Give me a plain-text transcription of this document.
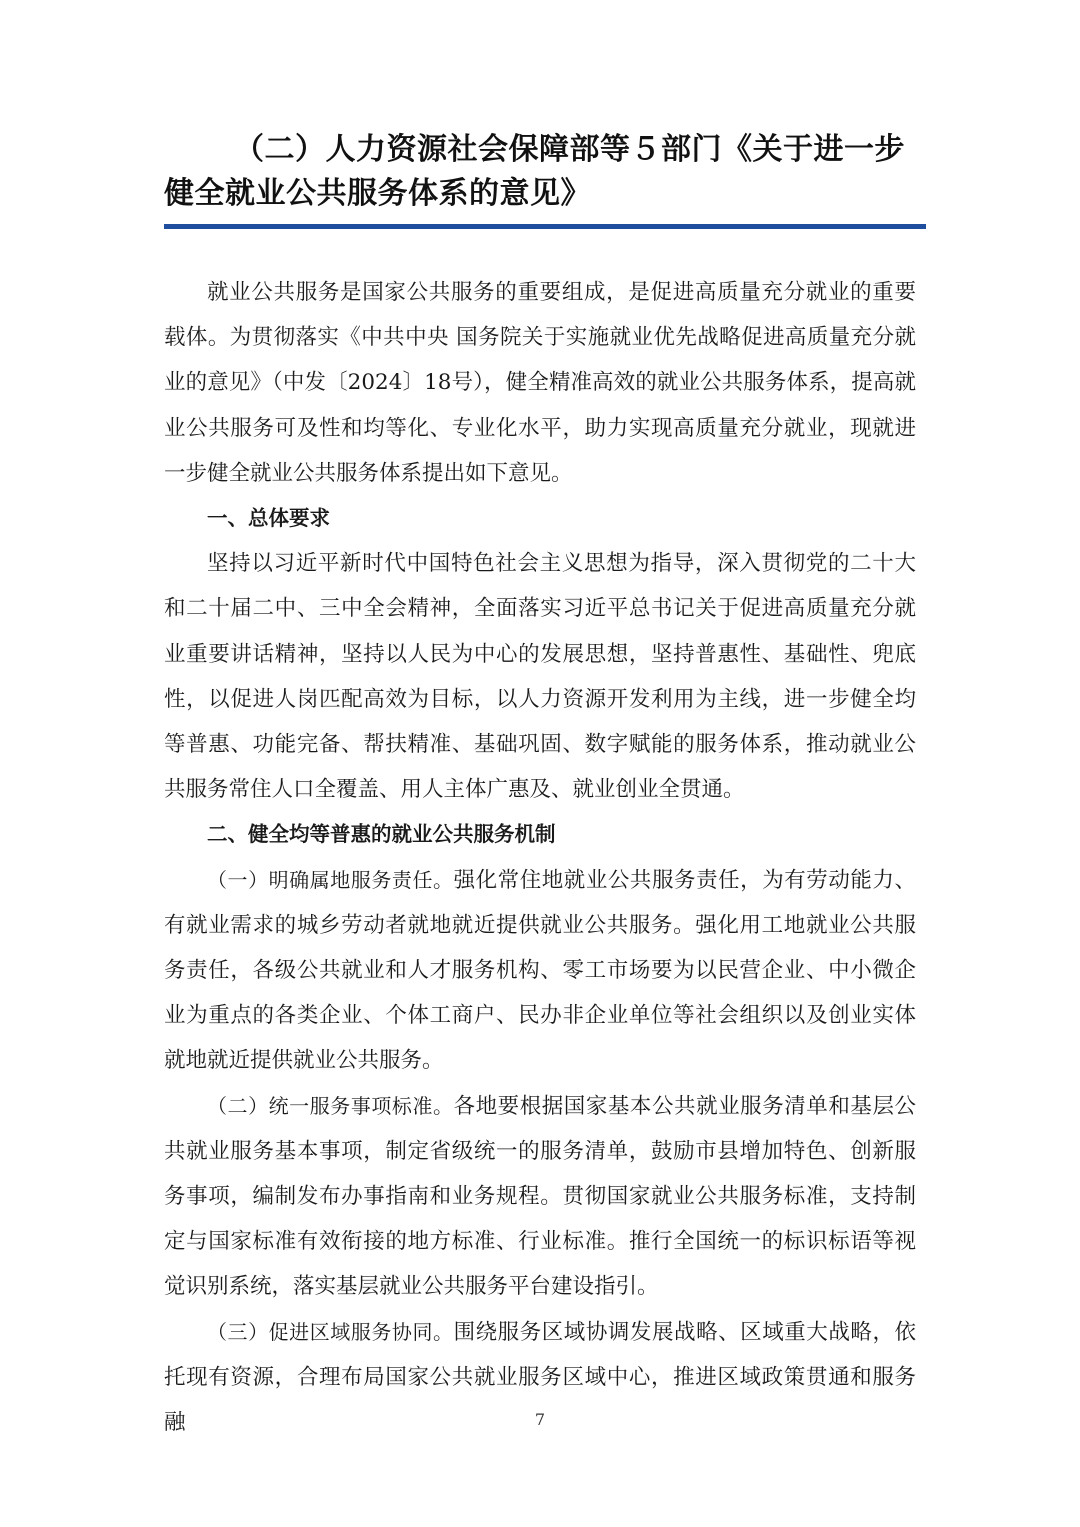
（二）人力资源社会保障部等５部门《关于进一步健全就业公共服务体系的意见》

就业公共服务是国家公共服务的重要组成，是促进高质量充分就业的重要载体。为贯彻落实《中共中央 国务院关于实施就业优先战略促进高质量充分就业的意见》（中发〔2024〕18号），健全精准高效的就业公共服务体系，提高就业公共服务可及性和均等化、专业化水平，助力实现高质量充分就业，现就进一步健全就业公共服务体系提出如下意见。

一、总体要求

坚持以习近平新时代中国特色社会主义思想为指导，深入贯彻党的二十大和二十届二中、三中全会精神，全面落实习近平总书记关于促进高质量充分就业重要讲话精神，坚持以人民为中心的发展思想，坚持普惠性、基础性、兜底性，以促进人岗匹配高效为目标，以人力资源开发利用为主线，进一步健全均等普惠、功能完备、帮扶精准、基础巩固、数字赋能的服务体系，推动就业公共服务常住人口全覆盖、用人主体广惠及、就业创业全贯通。

二、健全均等普惠的就业公共服务机制

（一）明确属地服务责任。强化常住地就业公共服务责任，为有劳动能力、有就业需求的城乡劳动者就地就近提供就业公共服务。强化用工地就业公共服务责任，各级公共就业和人才服务机构、零工市场要为以民营企业、中小微企业为重点的各类企业、个体工商户、民办非企业单位等社会组织以及创业实体就地就近提供就业公共服务。

（二）统一服务事项标准。各地要根据国家基本公共就业服务清单和基层公共就业服务基本事项，制定省级统一的服务清单，鼓励市县增加特色、创新服务事项，编制发布办事指南和业务规程。贯彻国家就业公共服务标准，支持制定与国家标准有效衔接的地方标准、行业标准。推行全国统一的标识标语等视觉识别系统，落实基层就业公共服务平台建设指引。

（三）促进区域服务协同。围绕服务区域协调发展战略、区域重大战略，依托现有资源，合理布局国家公共就业服务区域中心，推进区域政策贯通和服务融	7
